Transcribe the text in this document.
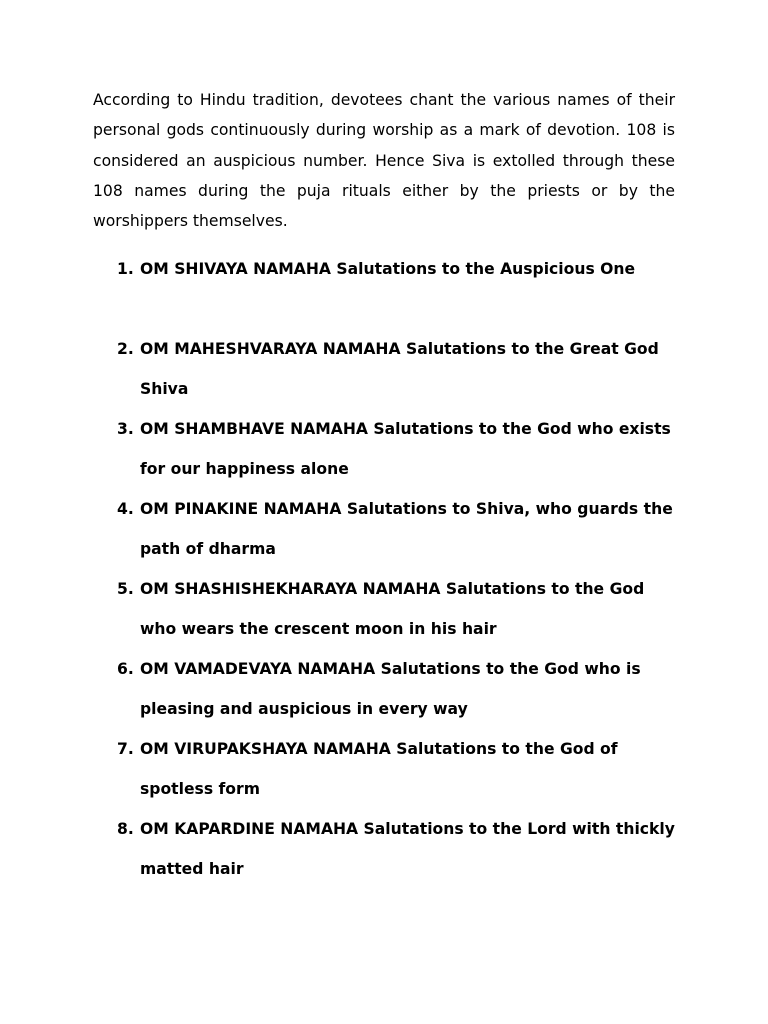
According to Hindu tradition, devotees chant the various names of their personal gods continuously during worship as a mark of devotion. 108 is considered an auspicious number. Hence Siva is extolled through these 108 names during the puja rituals either by the priests or by the worshippers themselves.

1. OM SHIVAYA NAMAHA Salutations to the Auspicious One
2. OM MAHESHVARAYA NAMAHA Salutations to the Great God Shiva
3. OM SHAMBHAVE NAMAHA Salutations to the God who exists for our happiness alone
4. OM PINAKINE NAMAHA Salutations to Shiva, who guards the path of dharma
5. OM SHASHISHEKHARAYA NAMAHA Salutations to the God who wears the crescent moon in his hair
6. OM VAMADEVAYA NAMAHA Salutations to the God who is pleasing and auspicious in every way
7. OM VIRUPAKSHAYA NAMAHA Salutations to the God of spotless form
8. OM KAPARDINE NAMAHA Salutations to the Lord with thickly matted hair
